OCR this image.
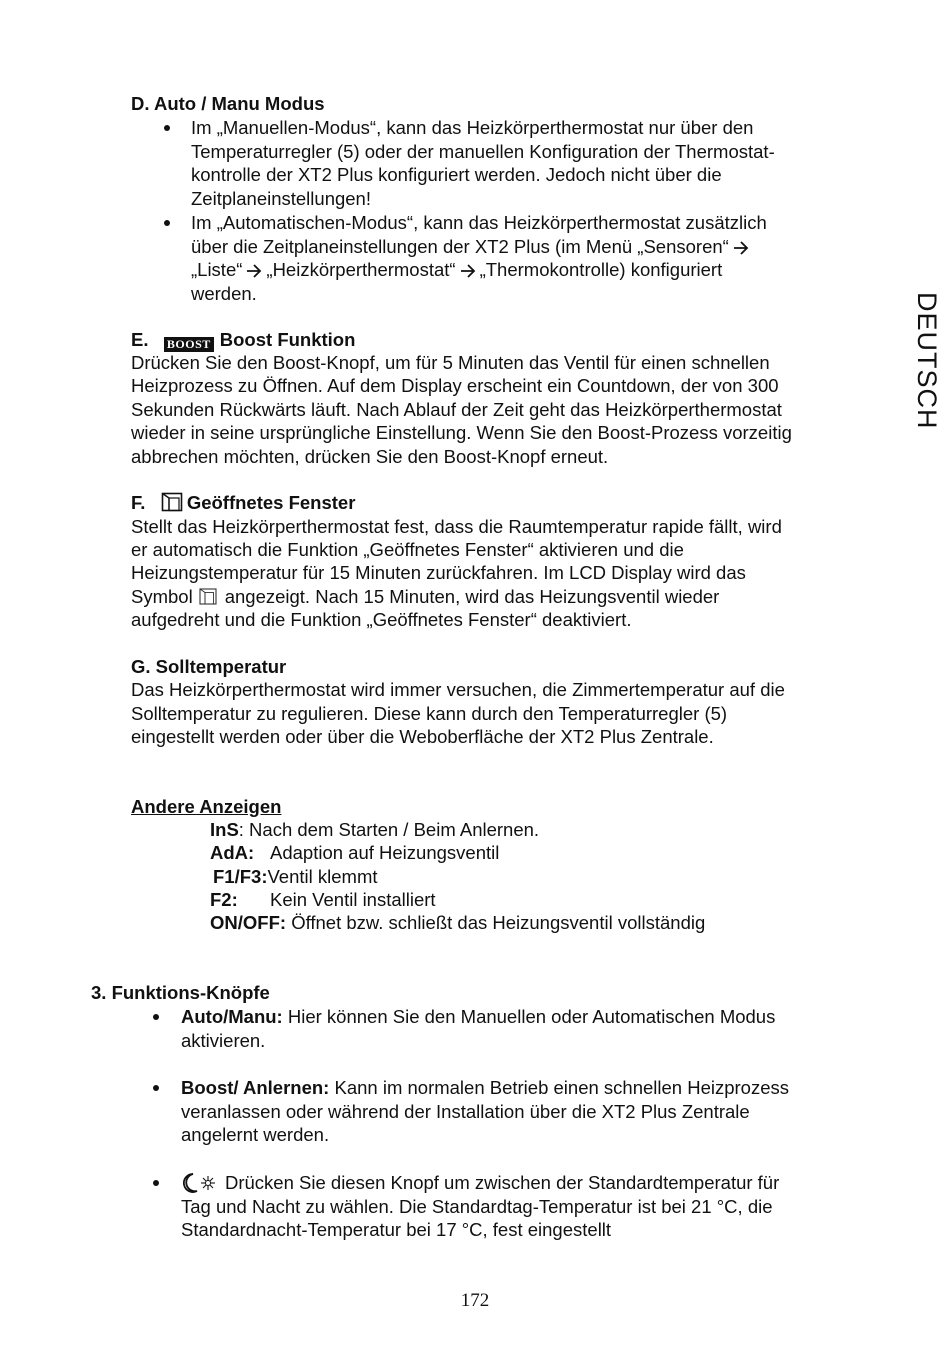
DEUTSCH
D. Auto / Manu Modus
Im „Manuellen-Modus“, kann das Heizkörperthermostat nur über den
Temperaturregler (5) oder der manuellen Konfiguration der Thermostat-
kontrolle der XT2 Plus konfiguriert werden. Jedoch nicht über die
Zeitplaneinstellungen!
Im „Automatischen-Modus“, kann das Heizkörperthermostat zusätzlich
über die Zeitplaneinstellungen der XT2 Plus (im Menü „Sensoren“
„Liste“ „Heizkörperthermostat“ „Thermokontrolle) konfiguriert
werden.
E. BOOST Boost Funktion
Drücken Sie den Boost-Knopf, um für 5 Minuten das Ventil für einen schnellen
Heizprozess zu Öffnen. Auf dem Display erscheint ein Countdown, der von 300
Sekunden Rückwärts läuft. Nach Ablauf der Zeit geht das Heizkörperthermostat
wieder in seine ursprüngliche Einstellung. Wenn Sie den Boost-Prozess vorzeitig
abbrechen möchten, drücken Sie den Boost-Knopf erneut.
F. Geöffnetes Fenster
Stellt das Heizkörperthermostat fest, dass die Raumtemperatur rapide fällt, wird
er automatisch die Funktion „Geöffnetes Fenster“ aktivieren und die
Heizungstemperatur für 15 Minuten zurückfahren. Im LCD Display wird das
Symbol angezeigt. Nach 15 Minuten, wird das Heizungsventil wieder
aufgedreht und die Funktion „Geöffnetes Fenster“ deaktiviert.
G. Solltemperatur
Das Heizkörperthermostat wird immer versuchen, die Zimmertemperatur auf die
Solltemperatur zu regulieren. Diese kann durch den Temperaturregler (5)
eingestellt werden oder über die Weboberfläche der XT2 Plus Zentrale.
Andere Anzeigen
InS: Nach dem Starten / Beim Anlernen.
AdA: Adaption auf Heizungsventil
F1/F3:Ventil klemmt
F2: Kein Ventil installiert
ON/OFF: Öffnet bzw. schließt das Heizungsventil vollständig
3. Funktions-Knöpfe
Auto/Manu: Hier können Sie den Manuellen oder Automatischen Modus
aktivieren.
Boost/ Anlernen: Kann im normalen Betrieb einen schnellen Heizprozess
veranlassen oder während der Installation über die XT2 Plus Zentrale
angelernt werden.
Drücken Sie diesen Knopf um zwischen der Standardtemperatur für
Tag und Nacht zu wählen. Die Standardtag-Temperatur ist bei 21 °C, die
Standardnacht-Temperatur bei 17 °C, fest eingestellt
172
